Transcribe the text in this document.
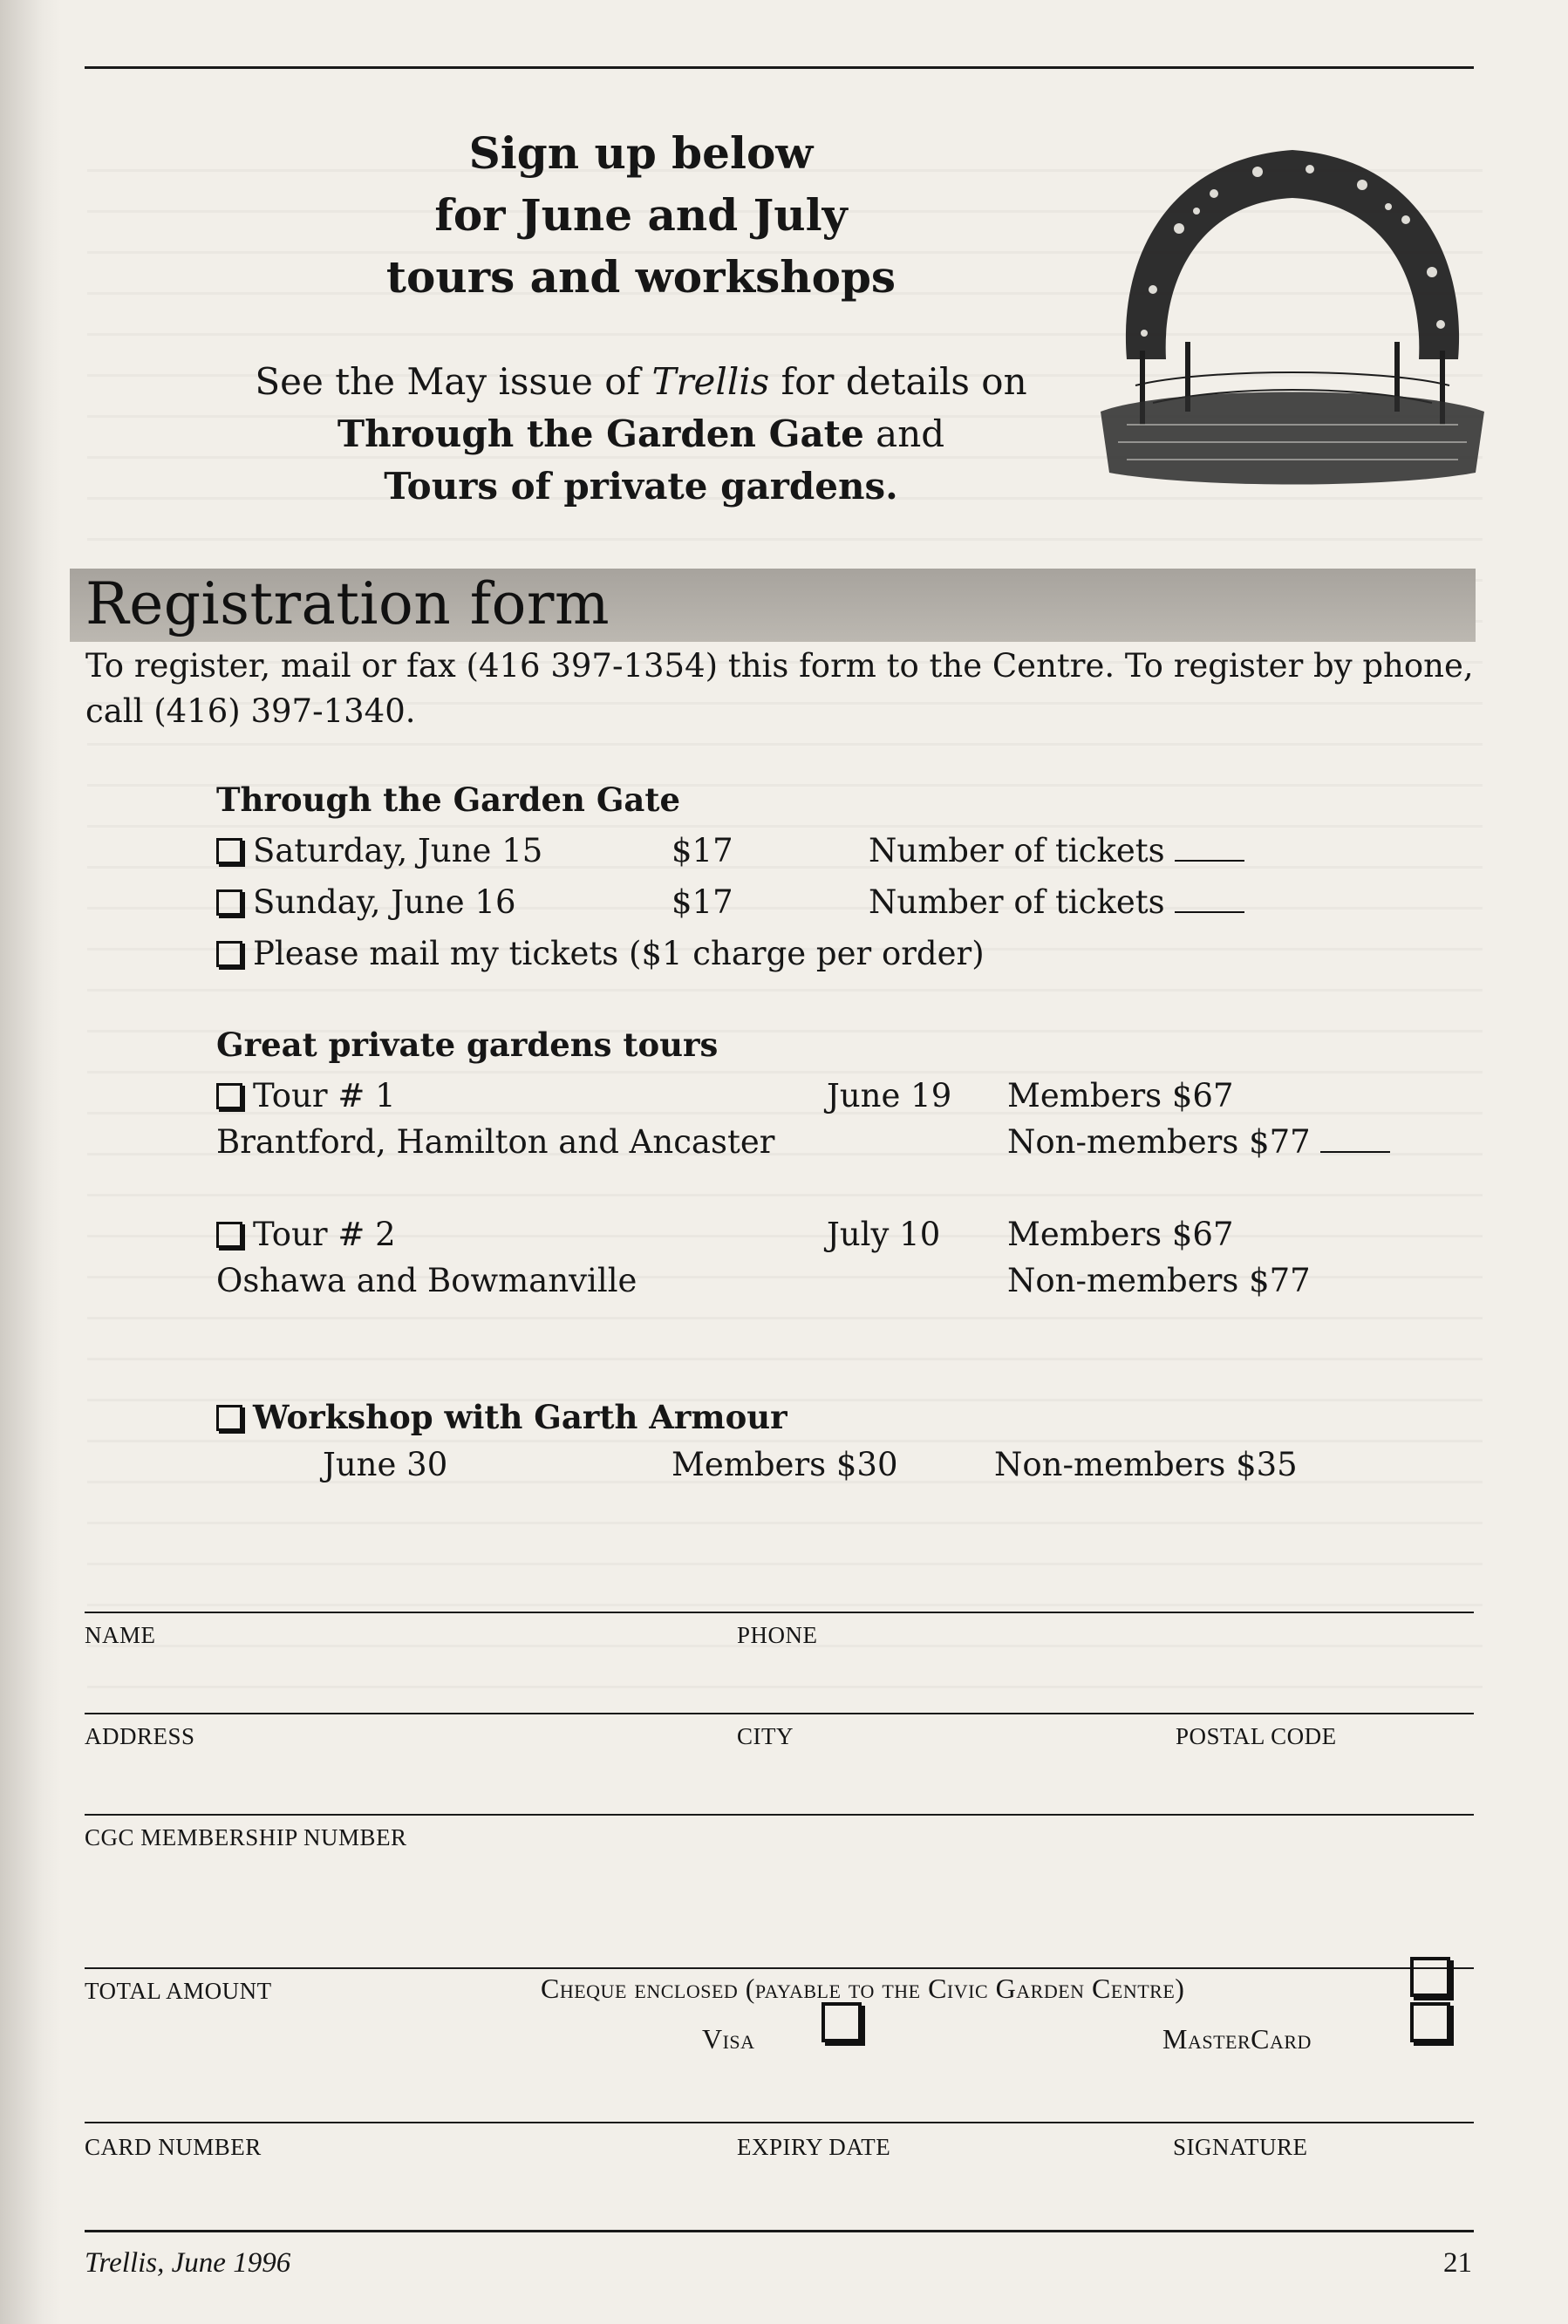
Sign up below
for June and July
tours and workshops
See the May issue of Trellis for details on
Through the Garden Gate and
Tours of private gardens.
Registration form
To register, mail or fax (416 397-1354) this form to the Centre. To register by phone, call (416) 397-1340.
Through the Garden Gate
Saturday, June 15	$17	Number of tickets
Sunday, June 16	$17	Number of tickets
Please mail my tickets ($1 charge per order)
Great private gardens tours
Tour # 1	June 19 Members $67
Brantford, Hamilton and Ancaster	Non-members $77
Tour # 2	July 10 Members $67
Oshawa and Bowmanville	Non-members $77
Workshop with Garth Armour
June 30	Members $30	Non-members $35
NAME	PHONE
ADDRESS	CITY	POSTAL CODE
CGC MEMBERSHIP NUMBER
TOTAL AMOUNT	Cheque enclosed (payable to the Civic Garden Centre)
Visa	MasterCard
CARD NUMBER	EXPIRY DATE	SIGNATURE
Trellis, June 1996	21
